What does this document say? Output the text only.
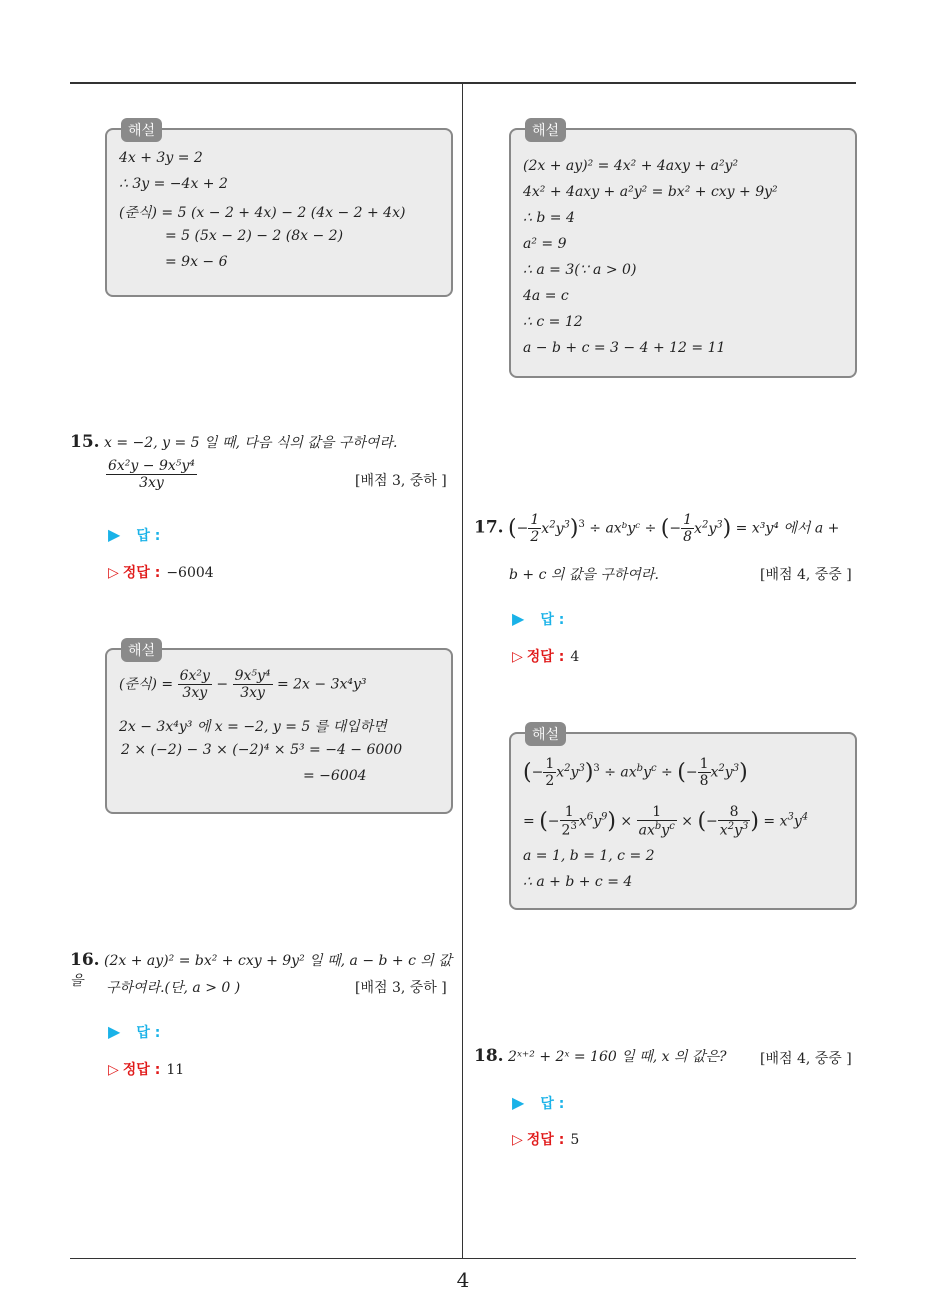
해설
4x + 3y = 2
∴ 3y = −4x + 2
(준식) = 5 (x − 2 + 4x) − 2 (4x − 2 + 4x)
= 5 (5x − 2) − 2 (8x − 2)
= 9x − 6
해설
(2x + ay)² = 4x² + 4axy + a²y²
4x² + 4axy + a²y² = bx² + cxy + 9y²
∴ b = 4
a² = 9
∴ a = 3(∵ a > 0)
4a = c
∴ c = 12
a − b + c = 3 − 4 + 12 = 11
15. x = −2, y = 5 일 때, 다음 식의 값을 구하여라.
$\frac{\text{6x²y − 9x⁵y⁴}}{3xy}$	[배점 3, 중하 ]
▶ 답 :
▷ 정답 : −6004
해설
(준식) = $\frac{\text{6x²y}}{3xy} - \frac{\text{9x⁵y⁴}}{3xy} = 2x - 3x^4y^3$
2x − 3x⁴y³ 에 x = −2, y = 5 를 대입하면
2 × (−2) − 3 × (−2)⁴ × 5³ = −4 − 6000
= −6004
16. (2x + ay)² = bx² + cxy + 9y² 일 때, a − b + c 의 값을	구하여라.(단, a > 0 )	[배점 3, 중하 ]
▶ 답 :
▷ 정답 : 11
17. (− $\frac{1}{2} x^2y^3)^3$ ÷ axᵇyᶜ ÷ (− $\frac{1}{8} x^2y^3) = x^3y^4$ 에서 a +
b + c 의 값을 구하여라.	[배점 4, 중중 ]
▶ 답 :
▷ 정답 : 4
해설
(− $\frac{1}{2} x^2y^3)^3 \div ax^by^c$ ÷ (− $\frac{1}{8} x^2y^3$)
= (− $\frac{1}{2^3} x^6y^9) \times \frac{1}{ax^by^c}$ × (− $\frac{8}{x^2y^3}$ ) = $x^3y^4$
a = 1, b = 1, c = 2
∴ a + b + c = 4
18. 2ˣ⁺² + 2ˣ = 160 일 때, x 의 값은? [배점 4, 중중 ]
▶ 답 :
▷ 정답 : 5
4
